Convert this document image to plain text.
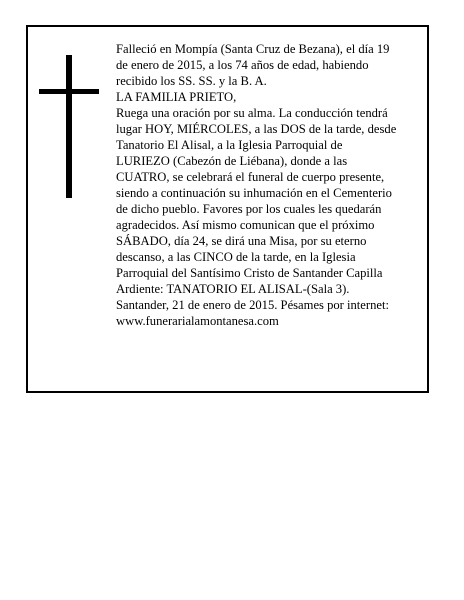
Falleció en Mompía (Santa Cruz de Bezana), el día 19
de enero de 2015, a los 74 años de edad, habiendo
recibido los SS. SS. y la B. A.
LA FAMILIA PRIETO,
Ruega una oración por su alma. La conducción tendrá
lugar HOY, MIÉRCOLES, a las DOS de la tarde, desde
Tanatorio El Alisal, a la Iglesia Parroquial de
LURIEZO (Cabezón de Liébana), donde a las
CUATRO, se celebrará el funeral de cuerpo presente,
siendo a continuación su inhumación en el Cementerio
de dicho pueblo. Favores por los cuales les quedarán
agradecidos. Así mismo comunican que el próximo
SÁBADO, día 24, se dirá una Misa, por su eterno
descanso, a las CINCO de la tarde, en la Iglesia
Parroquial del Santísimo Cristo de Santander Capilla
Ardiente: TANATORIO EL ALISAL-(Sala 3).
Santander, 21 de enero de 2015. Pésames por internet:
www.funerarialamontanesa.com
